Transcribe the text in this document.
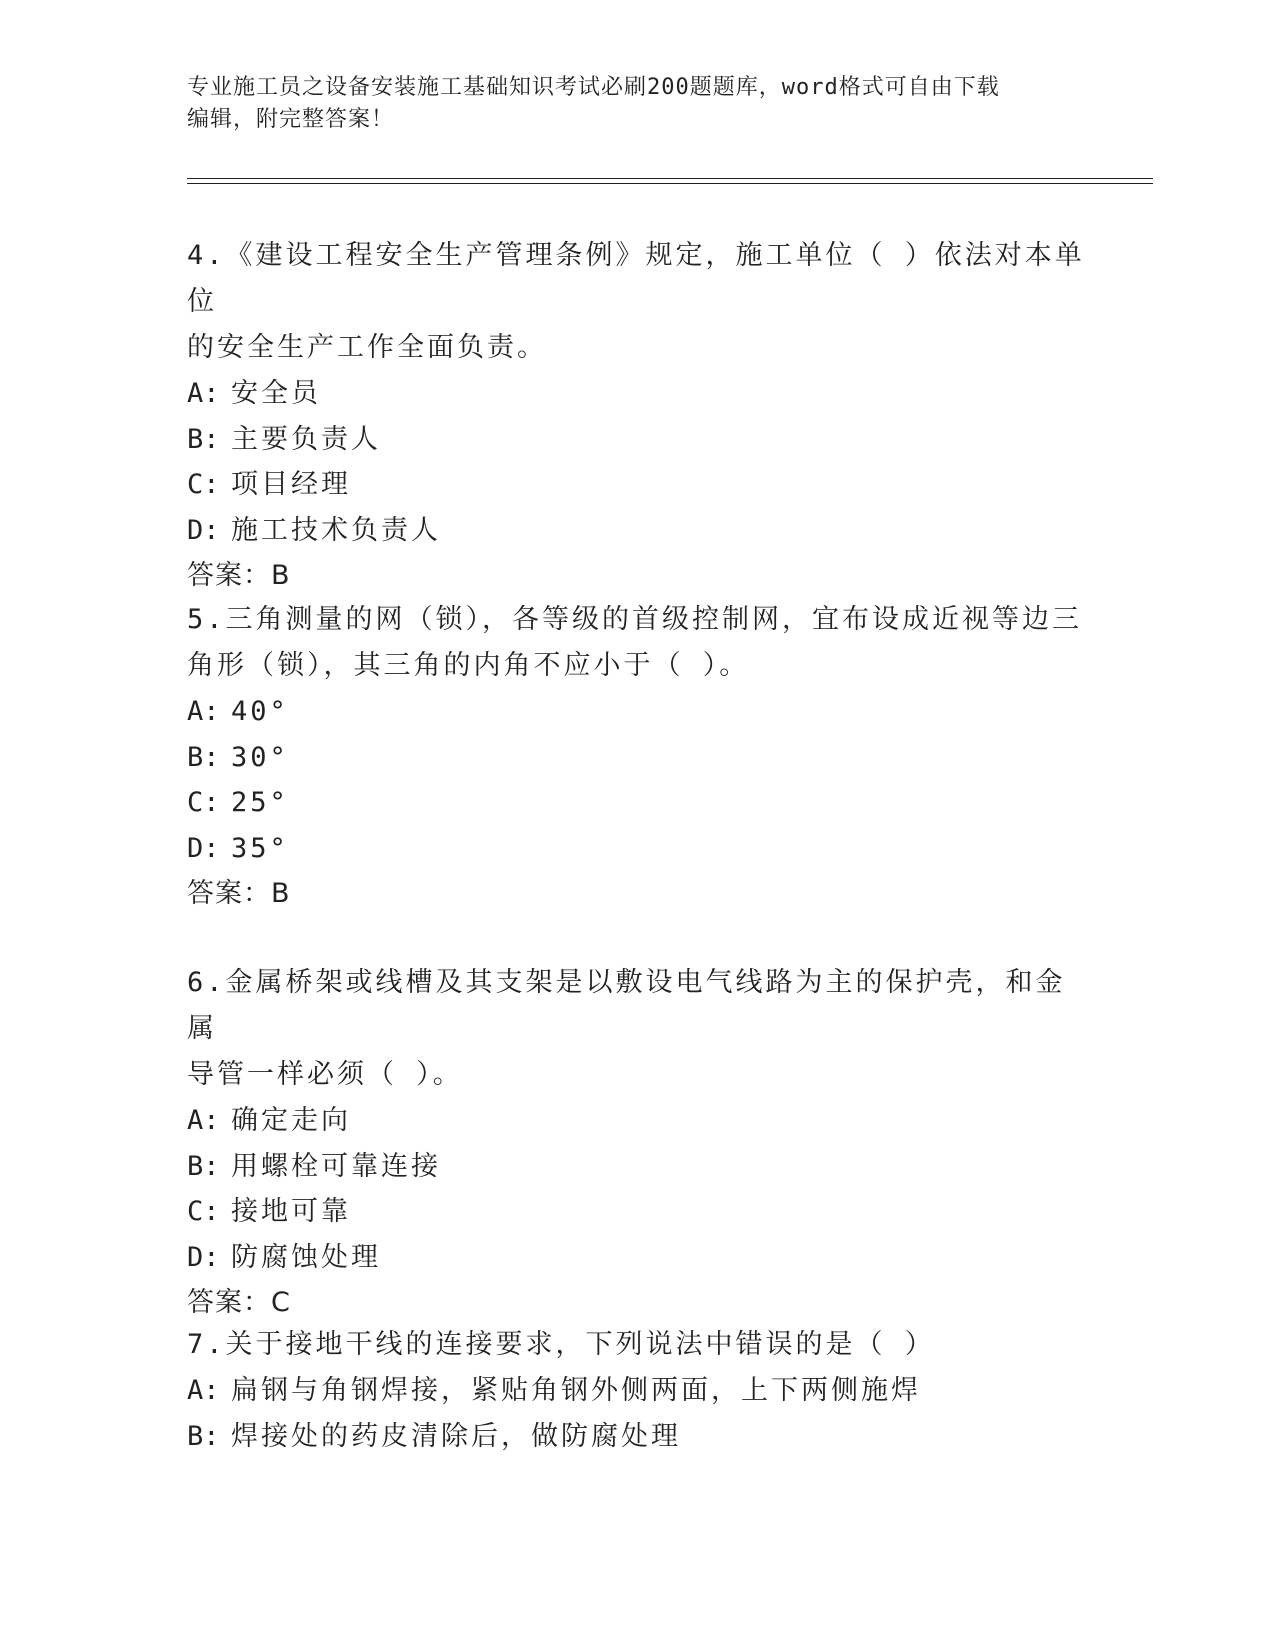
专业施工员之设备安装施工基础知识考试必刷200题题库，word格式可自由下载
编辑，附完整答案！

4.《建设工程安全生产管理条例》规定，施工单位（ ）依法对本单位

的安全生产工作全面负责。

A: 安全员

B: 主要负责人

C: 项目经理

D: 施工技术负责人

答案：B

5.三角测量的网（锁），各等级的首级控制网，宜布设成近视等边三

角形（锁），其三角的内角不应小于（ ）。

A: 40°

B: 30°

C: 25°

D: 35°

答案：B

6.金属桥架或线槽及其支架是以敷设电气线路为主的保护壳，和金属

导管一样必须（ ）。

A: 确定走向

B: 用螺栓可靠连接

C: 接地可靠

D: 防腐蚀处理

答案：C

7.关于接地干线的连接要求，下列说法中错误的是（ ）

A: 扁钢与角钢焊接，紧贴角钢外侧两面，上下两侧施焊

B: 焊接处的药皮清除后，做防腐处理
